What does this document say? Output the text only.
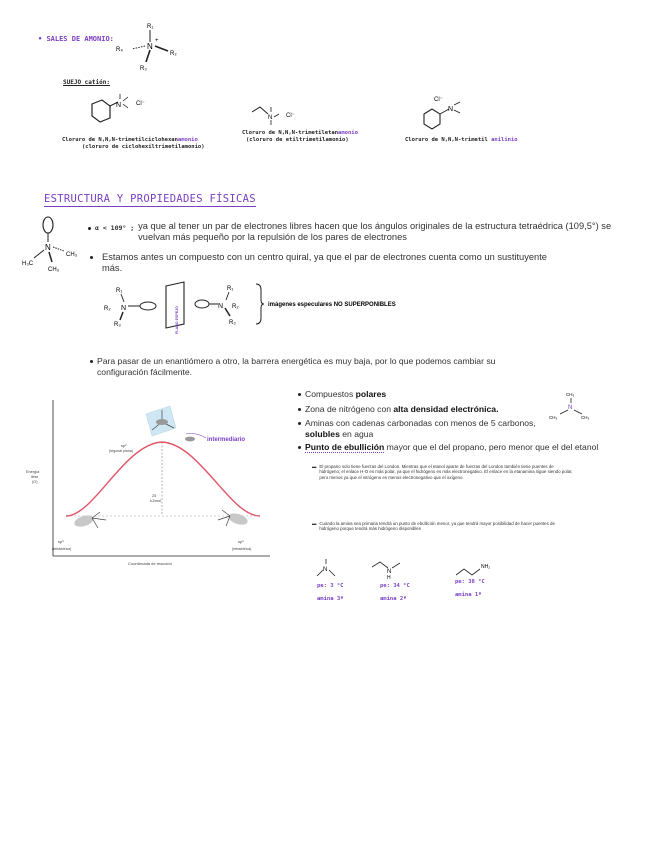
• SALES DE AMONIO:
R₁
N
+
R₄
R₂
R₃
SUEJO catión:
N Cl⁻
N Cl⁻
N
Cl⁻
Cloruro de N,N,N-trimetilciclohexanamonio
(cloruro de ciclohexiltrimetilamonio)
Cloruro de N,N,N-trimetiletanamonio
(cloruro de etiltrimetilamonio)	Cloruro de N,N,N-trimetil anilinio
ESTRUCTURA Y PROPIEDADES FÍSICAS
N
H₃C
CH₃
CH₃
α < 109° ; ya que al tener un par de electrones libres hacen que los ángulos originales de la estructura tetraédrica (109,5°) se vuelvan más pequeño por la repulsión de los pares de electrones
Estamos antes un compuesto con un centro quiral, ya que el par de electrones cuenta como un sustituyente más.
R₁
R₂ N
R₃	PLANO ESPEJO	N
R₁
R₂
R₃
imágenes especulares NO SUPERPONIBLES
Para pasar de un enantiómero a otro, la barrera energética es muy baja, por lo que podemos cambiar su configuración fácilmente.
Energía
libre
(G)
25
kJ/mol
Coordenada de reacción
intermediario
sp²
(trigonal plana)
sp³
(tetraédrica)
sp³
(tetraédrica)
Compuestos polares
Zona de nitrógeno con alta densidad electrónica.
Aminas con cadenas carbonadas con menos de 5 carbonos, solubles en agua
Punto de ebullición mayor que el del propano, pero menor que el del etanol
CH₃
N
CH₃	CH₃
▬ El propano solo tiene fuerzas del London. Mientras que el etanol aparte de fuerzas del London también tiene puentes de hidrógeno; el enlace H-O es más polar, ya que el hidrógeno es más electronegativo. El enlace en la etanamina sigue siendo polar, pero menos ya que el nitrógeno es menos electronegativo que el oxígeno.
▬ Cuando la amina sea primaria tendrá un punto de ebullición menor, ya que tendrá mayor posibilidad de hacer puentes de hidrógeno porque tendrá más hidrógeno disponibles
N	N
H
NH₂
pe: 3 °C
amina 3ª
pe: 34 °C
amina 2ª
pe: 38 °C
amina 1ª
